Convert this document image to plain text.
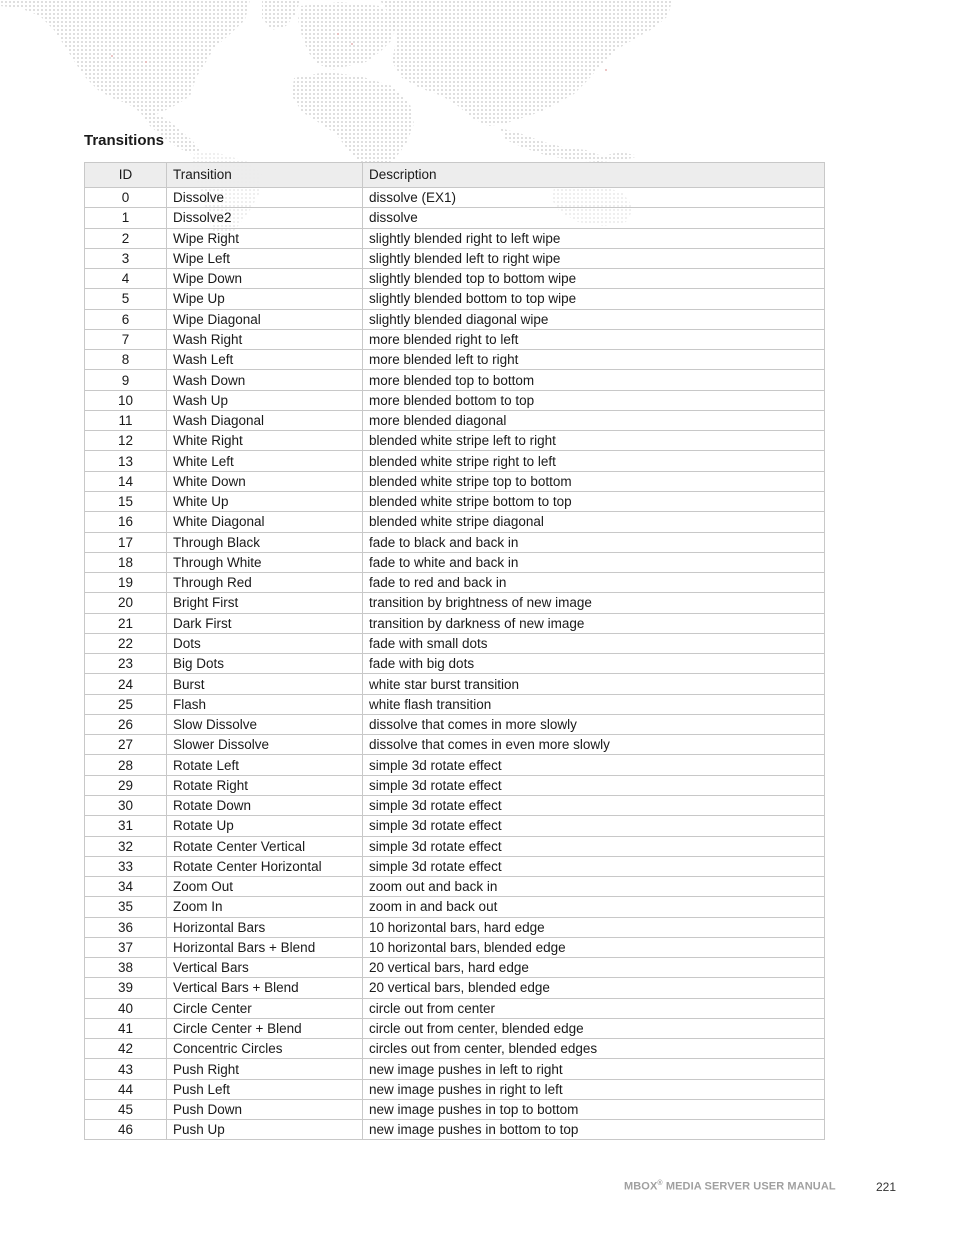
Transitions
ID	Transition	Description
0	Dissolve	dissolve (EX1)
1	Dissolve2	dissolve
2	Wipe Right	slightly blended right to left wipe
3	Wipe Left	slightly blended left to right wipe
4	Wipe Down	slightly blended top to bottom wipe
5	Wipe Up	slightly blended bottom to top wipe
6	Wipe Diagonal	slightly blended diagonal wipe
7	Wash Right	more blended right to left
8	Wash Left	more blended left to right
9	Wash Down	more blended top to bottom
10	Wash Up	more blended bottom to top
11	Wash Diagonal	more blended diagonal
12	White Right	blended white stripe left to right
13	White Left	blended white stripe right to left
14	White Down	blended white stripe top to bottom
15	White Up	blended white stripe bottom to top
16	White Diagonal	blended white stripe diagonal
17	Through Black	fade to black and back in
18	Through White	fade to white and back in
19	Through Red	fade to red and back in
20	Bright First	transition by brightness of new image
21	Dark First	transition by darkness of new image
22	Dots	fade with small dots
23	Big Dots	fade with big dots
24	Burst	white star burst transition
25	Flash	white flash transition
26	Slow Dissolve	dissolve that comes in more slowly
27	Slower Dissolve	dissolve that comes in even more slowly
28	Rotate Left	simple 3d rotate effect
29	Rotate Right	simple 3d rotate effect
30	Rotate Down	simple 3d rotate effect
31	Rotate Up	simple 3d rotate effect
32	Rotate Center Vertical	simple 3d rotate effect
33	Rotate Center Horizontal	simple 3d rotate effect
34	Zoom Out	zoom out and back in
35	Zoom In	zoom in and back out
36	Horizontal Bars	10 horizontal bars, hard edge
37	Horizontal Bars + Blend	10 horizontal bars, blended edge
38	Vertical Bars	20 vertical bars, hard edge
39	Vertical Bars + Blend	20 vertical bars, blended edge
40	Circle Center	circle out from center
41	Circle Center + Blend	circle out from center, blended edge
42	Concentric Circles	circles out from center, blended edges
43	Push Right	new image pushes in left to right
44	Push Left	new image pushes in right to left
45	Push Down	new image pushes in top to bottom
46	Push Up	new image pushes in bottom to top
MBOX® MEDIA SERVER USER MANUAL	221
